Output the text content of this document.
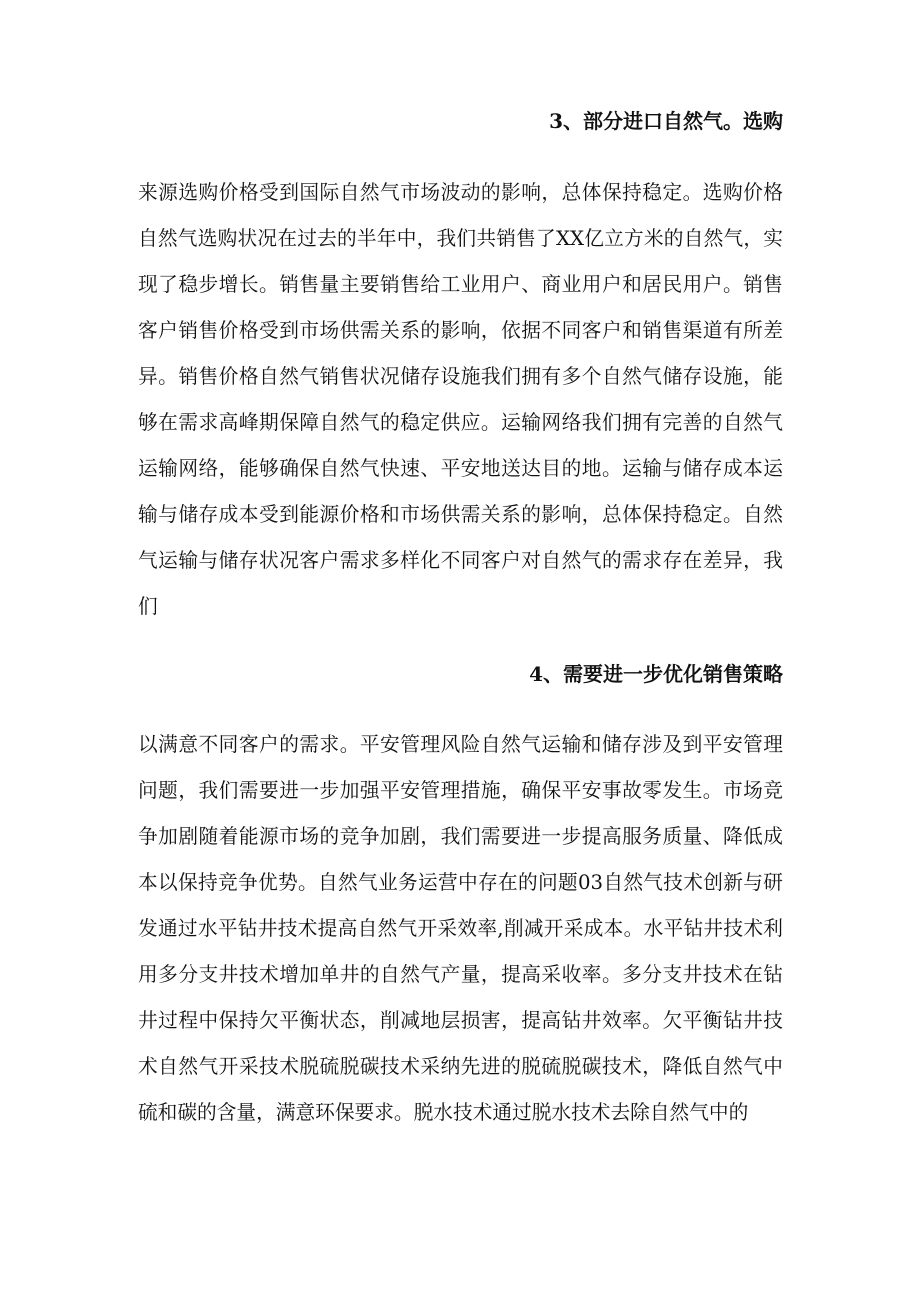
3、部分进口自然气。选购
来源选购价格受到国际自然气市场波动的影响，总体保持稳定。选购价格
自然气选购状况在过去的半年中，我们共销售了XX亿立方米的自然气，实
现了稳步增长。销售量主要销售给工业用户、商业用户和居民用户。销售
客户销售价格受到市场供需关系的影响，依据不同客户和销售渠道有所差
异。销售价格自然气销售状况储存设施我们拥有多个自然气储存设施，能
够在需求高峰期保障自然气的稳定供应。运输网络我们拥有完善的自然气
运输网络，能够确保自然气快速、平安地送达目的地。运输与储存成本运
输与储存成本受到能源价格和市场供需关系的影响，总体保持稳定。自然
气运输与储存状况客户需求多样化不同客户对自然气的需求存在差异，我
们
4、需要进一步优化销售策略
以满意不同客户的需求。平安管理风险自然气运输和储存涉及到平安管理
问题，我们需要进一步加强平安管理措施，确保平安事故零发生。市场竞
争加剧随着能源市场的竞争加剧，我们需要进一步提高服务质量、降低成
本以保持竞争优势。自然气业务运营中存在的问题03自然气技术创新与研
发通过水平钻井技术提高自然气开采效率,削减开采成本。水平钻井技术利
用多分支井技术增加单井的自然气产量，提高采收率。多分支井技术在钻
井过程中保持欠平衡状态，削减地层损害，提高钻井效率。欠平衡钻井技
术自然气开采技术脱硫脱碳技术采纳先进的脱硫脱碳技术，降低自然气中
硫和碳的含量，满意环保要求。脱水技术通过脱水技术去除自然气中的
